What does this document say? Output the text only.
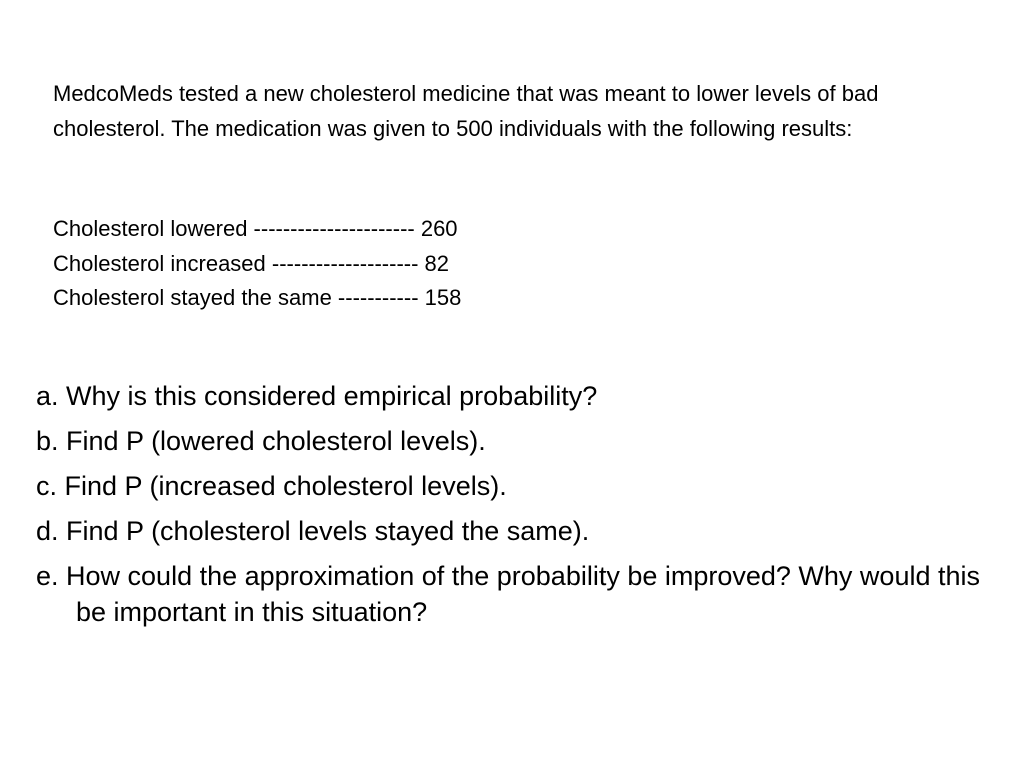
MedcoMeds tested a new cholesterol medicine that was meant to lower levels of bad cholesterol. The medication was given to 500 individuals with the following results:

Cholesterol lowered ---------------------- 260
Cholesterol increased -------------------- 82
Cholesterol stayed the same ----------- 158
a. Why is this considered empirical probability?
b. Find P (lowered cholesterol levels).
c. Find P (increased cholesterol levels).
d. Find P (cholesterol levels stayed the same).
e. How could the approximation of the probability be improved? Why would this be important in this situation?
